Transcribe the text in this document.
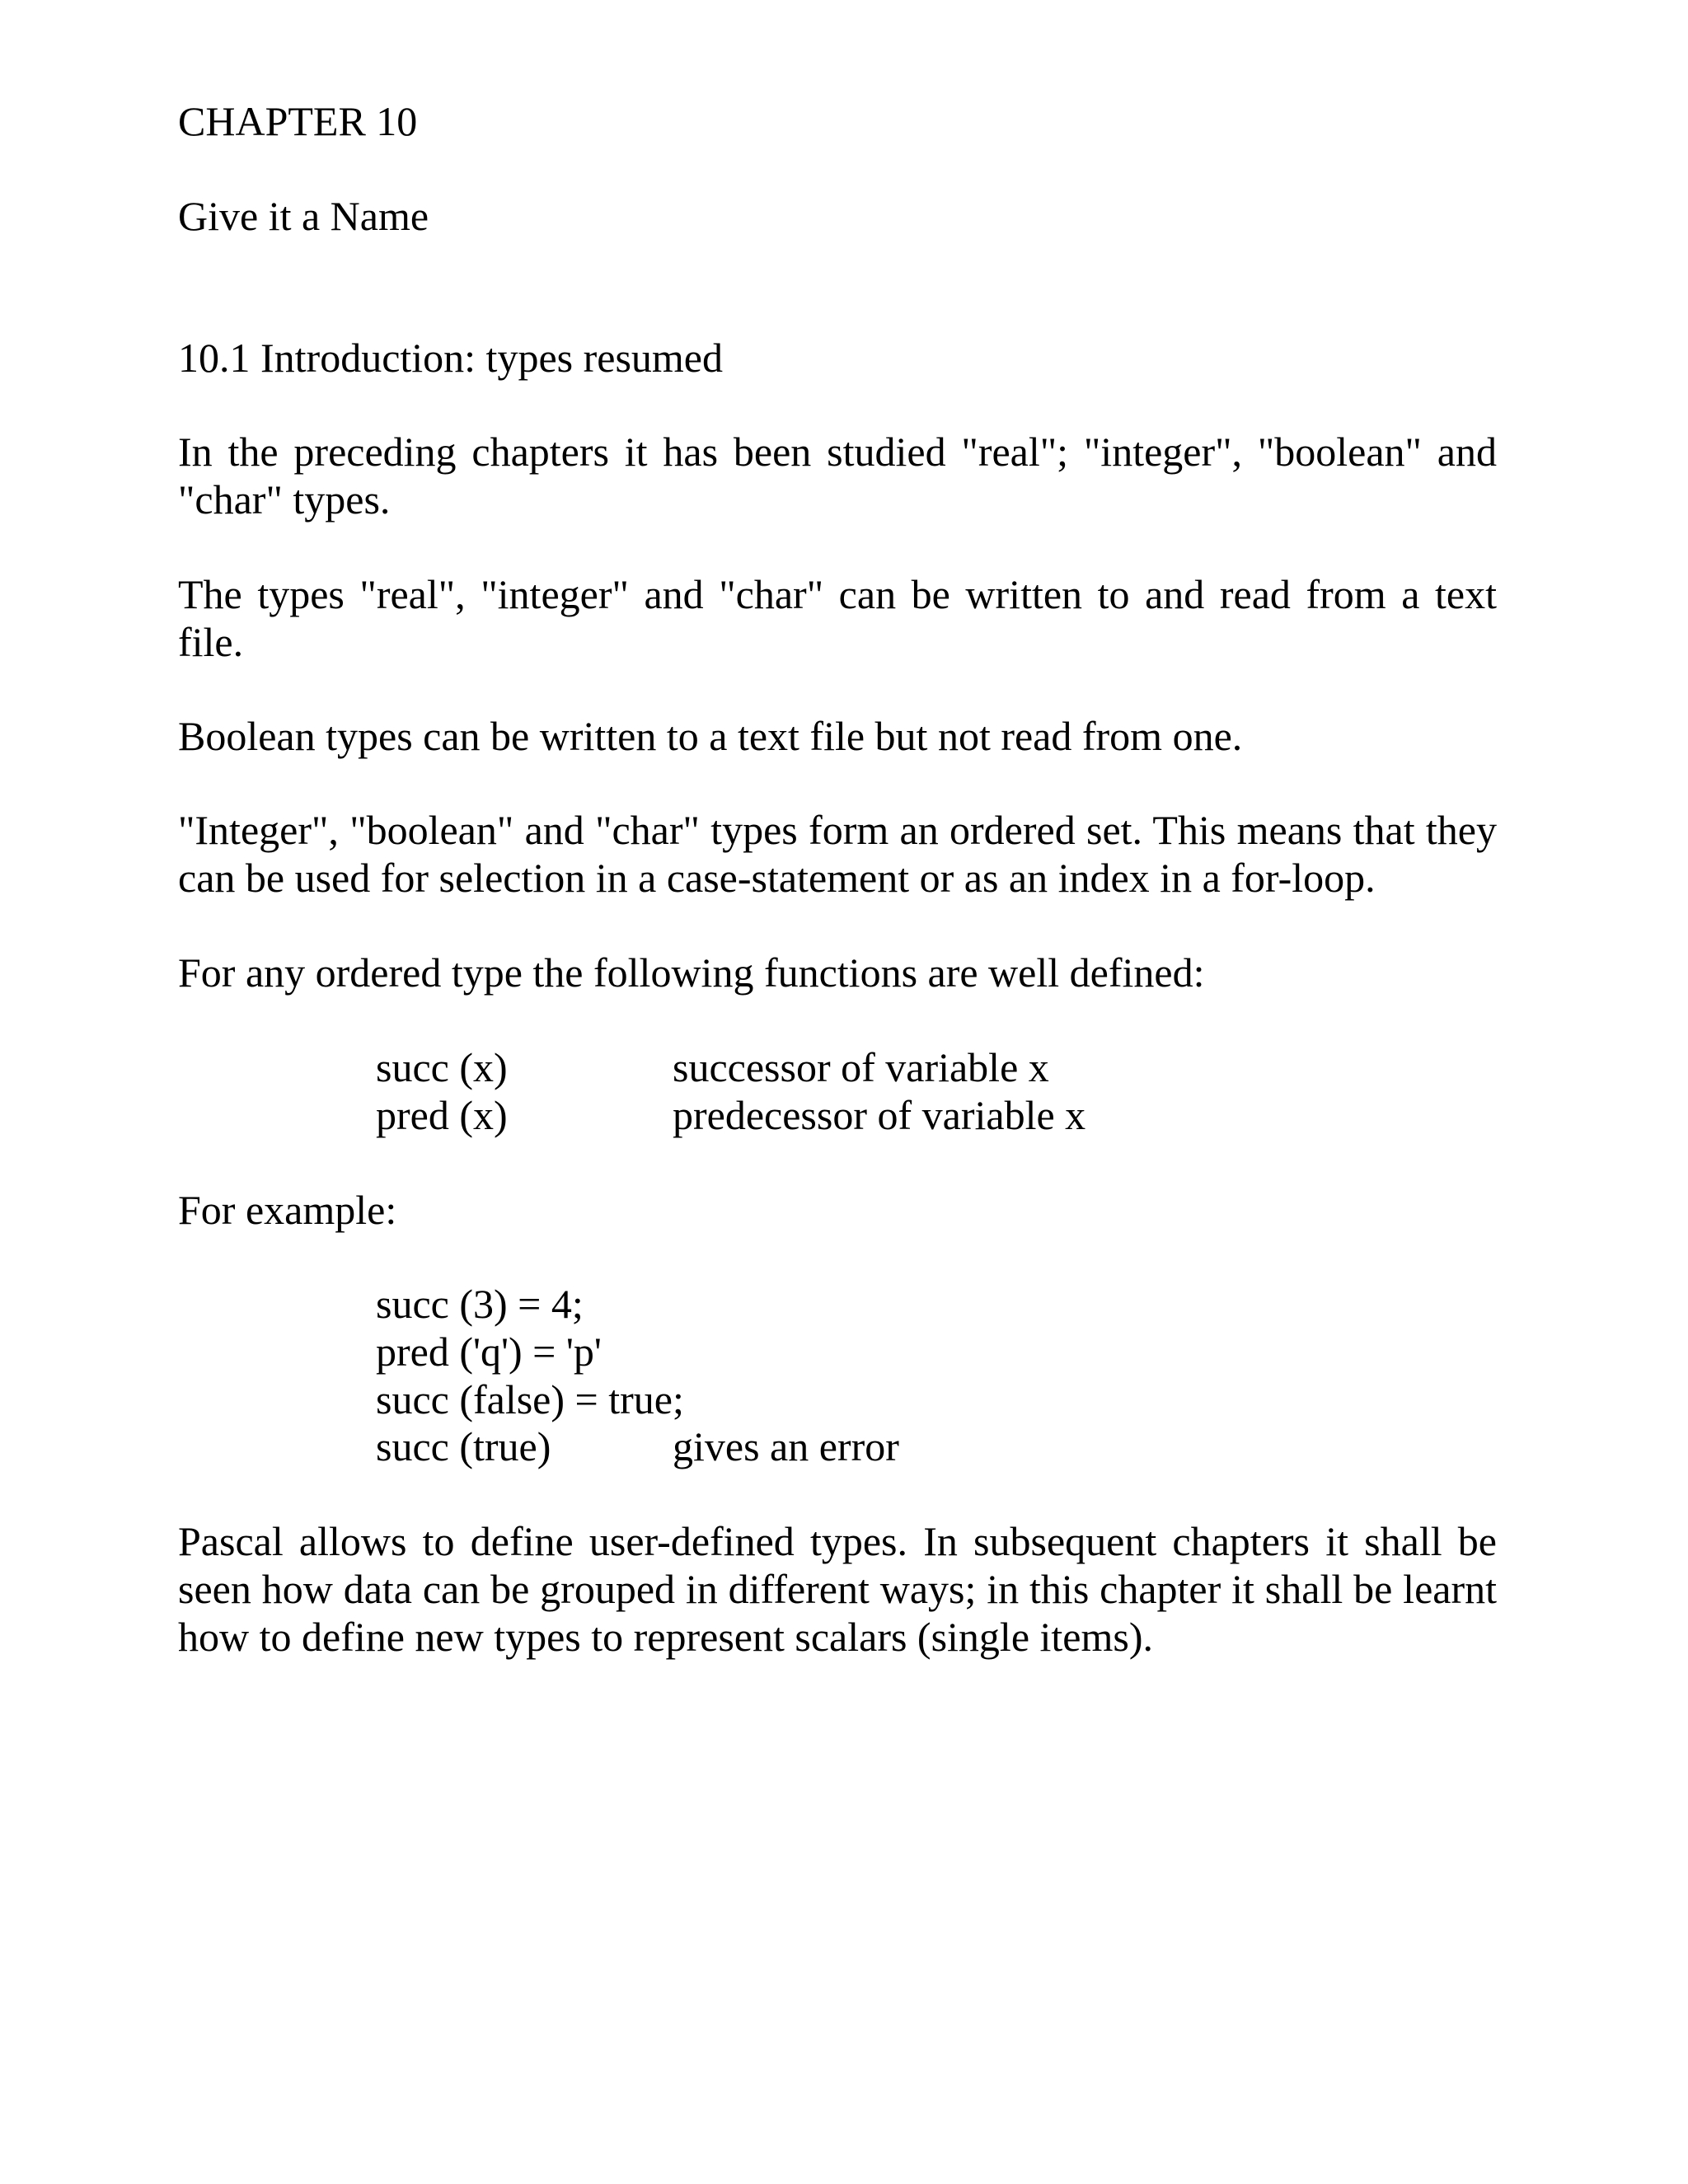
CHAPTER 10
Give it a Name
10.1 Introduction: types resumed
In the preceding chapters it has been studied "real"; "integer", "boolean" and "char" types.
The types "real", "integer" and "char" can be written to and read from a text file.
Boolean types can be written to a text file but not read from one.
"Integer", "boolean" and "char" types form an ordered set. This means that they can be used for selection in a case-statement or as an index in a for-loop.
For any ordered type the following functions are well defined:
succ (x)	successor of variable x
pred (x)	predecessor of variable x
For example:
succ (3) = 4;
pred ('q') = 'p'
succ (false) = true;
succ (true)	gives an error
Pascal allows to define user-defined types. In subsequent chapters it shall be seen how data can be grouped in different ways; in this chapter it shall be learnt how to define new types to represent scalars (single items).
